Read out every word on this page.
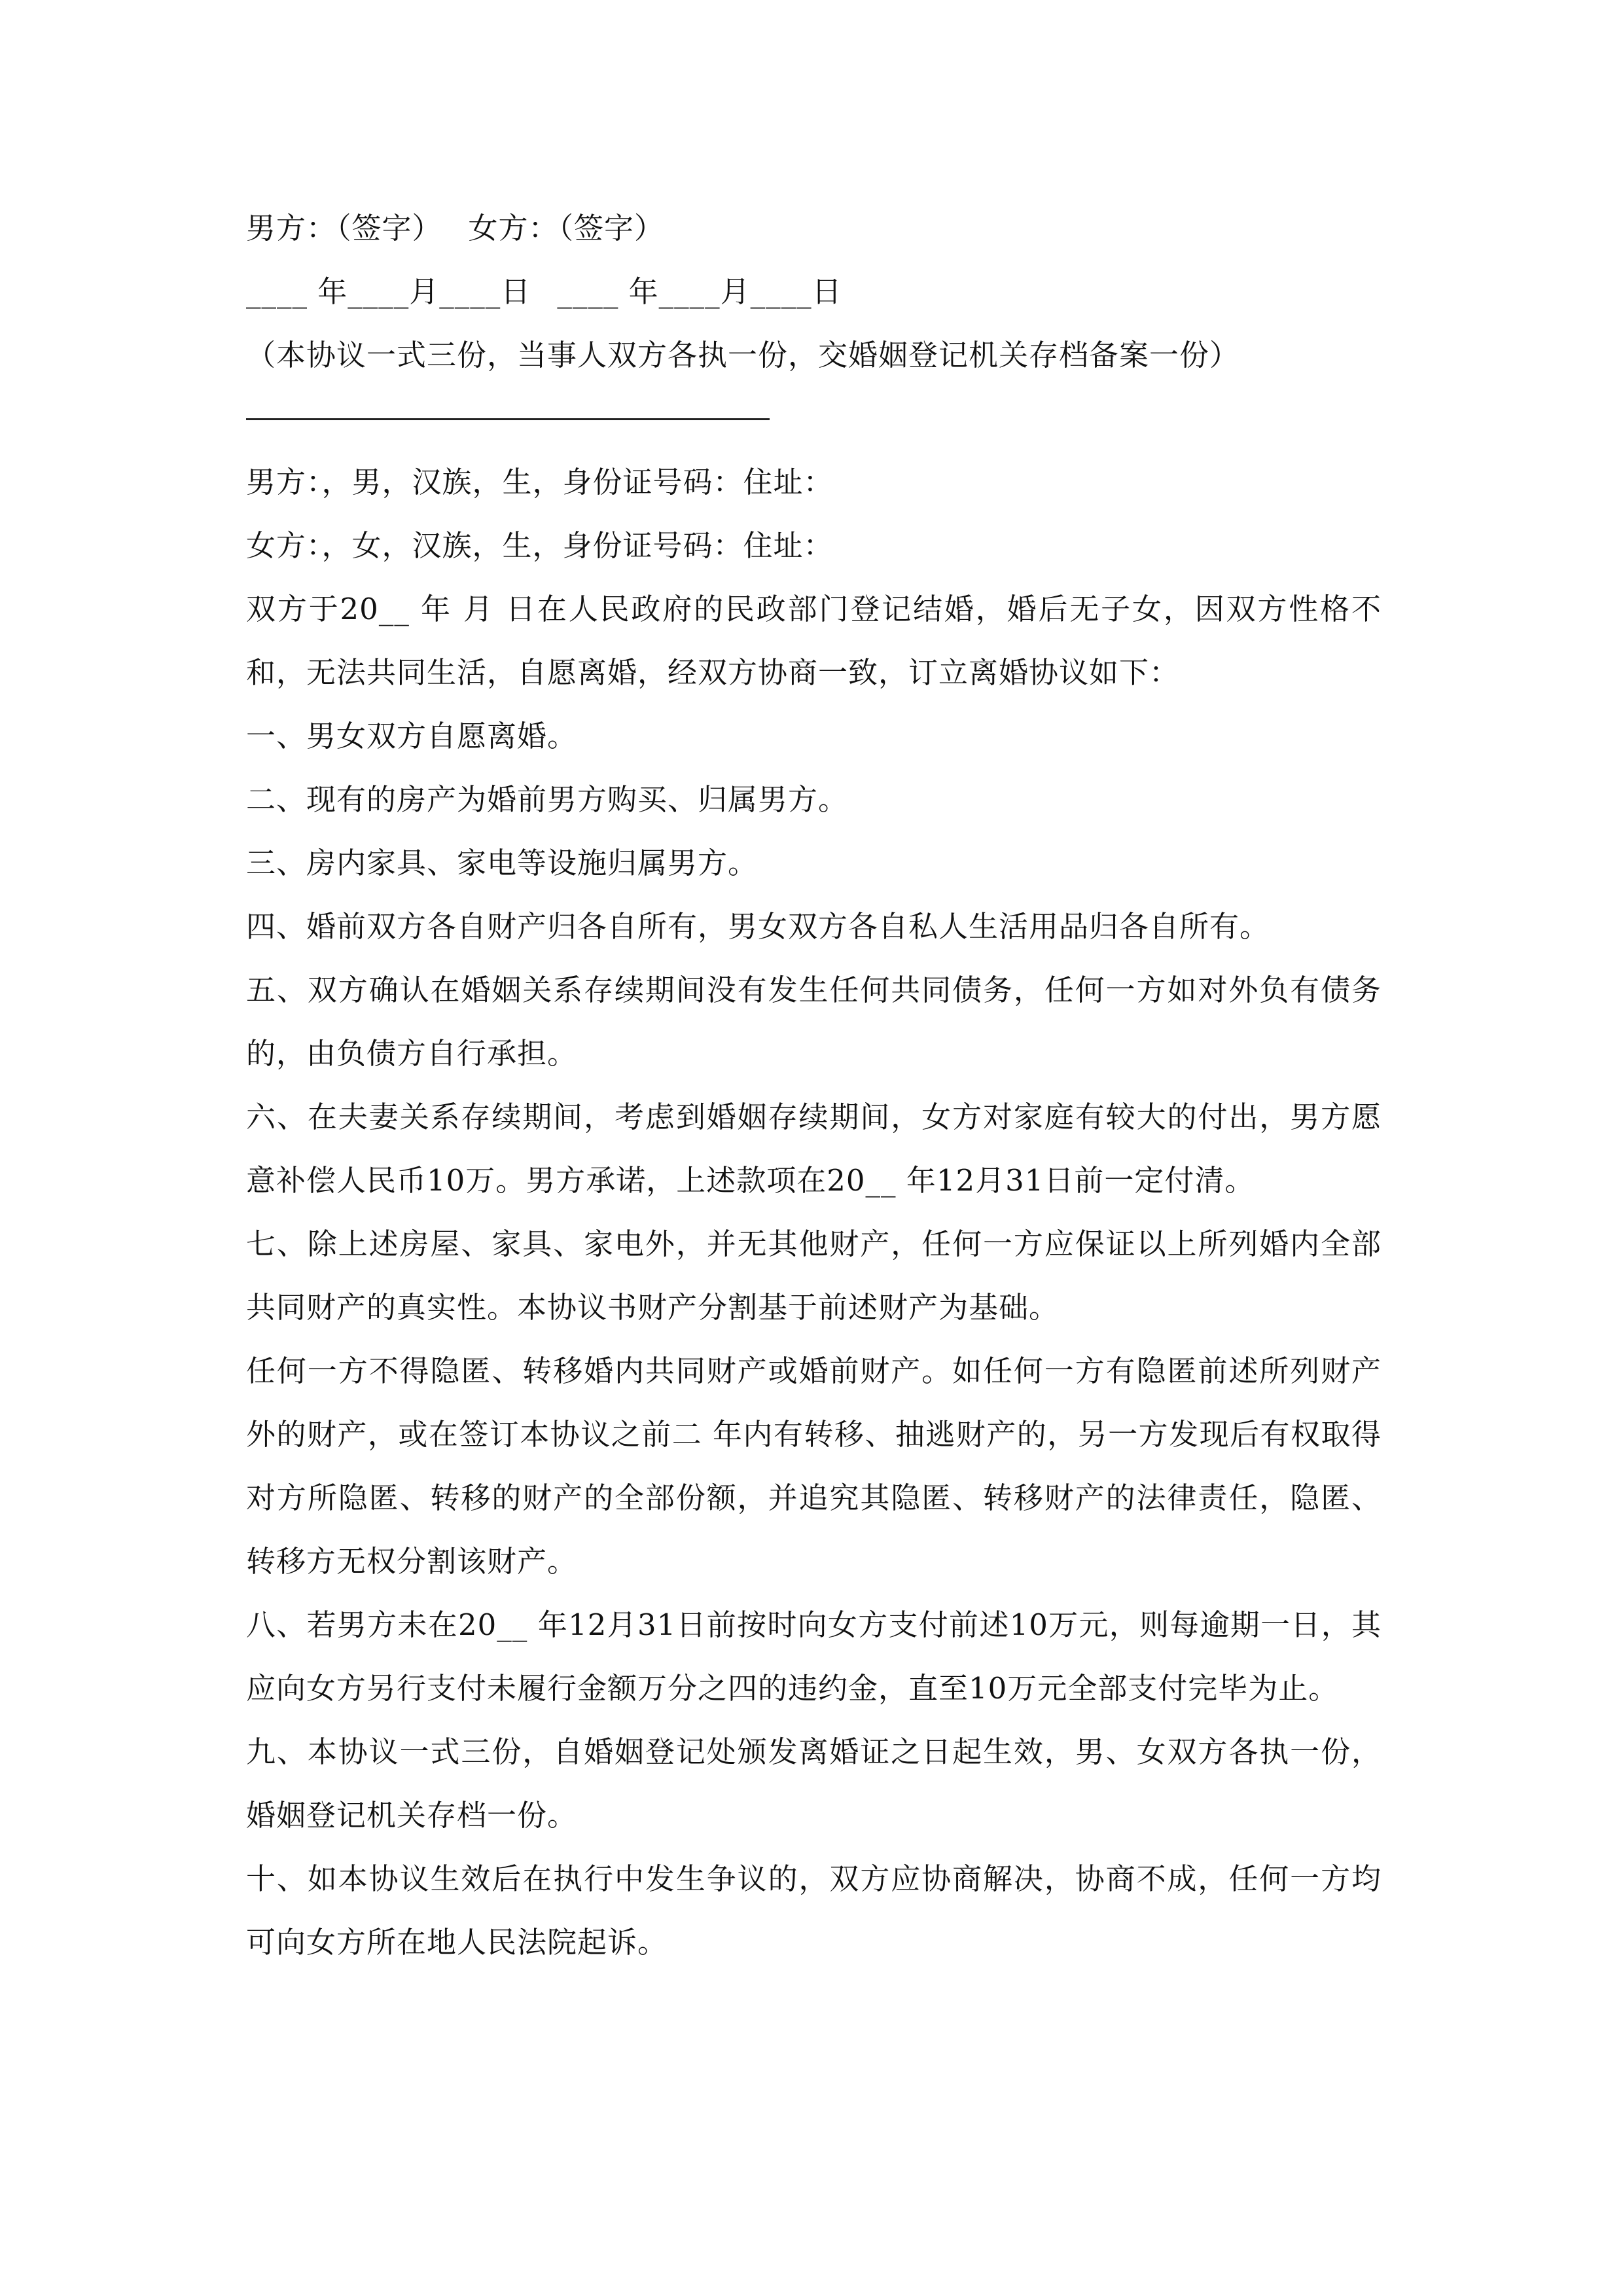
男方：（签字） 女方：（签字）
____ 年____月____日 ____ 年____月____日
（本协议一式三份，当事人双方各执一份，交婚姻登记机关存档备案一份）
男方：，男，汉族，生，身份证号码：住址：
女方：，女，汉族，生，身份证号码：住址：
双方于20__ 年 月 日在人民政府的民政部门登记结婚，婚后无子女，因双方性格不和，无法共同生活，自愿离婚，经双方协商一致，订立离婚协议如下：
一、男女双方自愿离婚。
二、现有的房产为婚前男方购买、归属男方。
三、房内家具、家电等设施归属男方。
四、婚前双方各自财产归各自所有，男女双方各自私人生活用品归各自所有。
五、双方确认在婚姻关系存续期间没有发生任何共同债务，任何一方如对外负有债务的，由负债方自行承担。
六、在夫妻关系存续期间，考虑到婚姻存续期间，女方对家庭有较大的付出，男方愿意补偿人民币10万。男方承诺，上述款项在20__ 年12月31日前一定付清。
七、除上述房屋、家具、家电外，并无其他财产，任何一方应保证以上所列婚内全部共同财产的真实性。本协议书财产分割基于前述财产为基础。
任何一方不得隐匿、转移婚内共同财产或婚前财产。如任何一方有隐匿前述所列财产外的财产，或在签订本协议之前二 年内有转移、抽逃财产的，另一方发现后有权取得对方所隐匿、转移的财产的全部份额，并追究其隐匿、转移财产的法律责任，隐匿、转移方无权分割该财产。
八、若男方未在20__ 年12月31日前按时向女方支付前述10万元，则每逾期一日，其应向女方另行支付未履行金额万分之四的违约金，直至10万元全部支付完毕为止。
九、本协议一式三份，自婚姻登记处颁发离婚证之日起生效，男、女双方各执一份，婚姻登记机关存档一份。
十、如本协议生效后在执行中发生争议的，双方应协商解决，协商不成，任何一方均可向女方所在地人民法院起诉。
